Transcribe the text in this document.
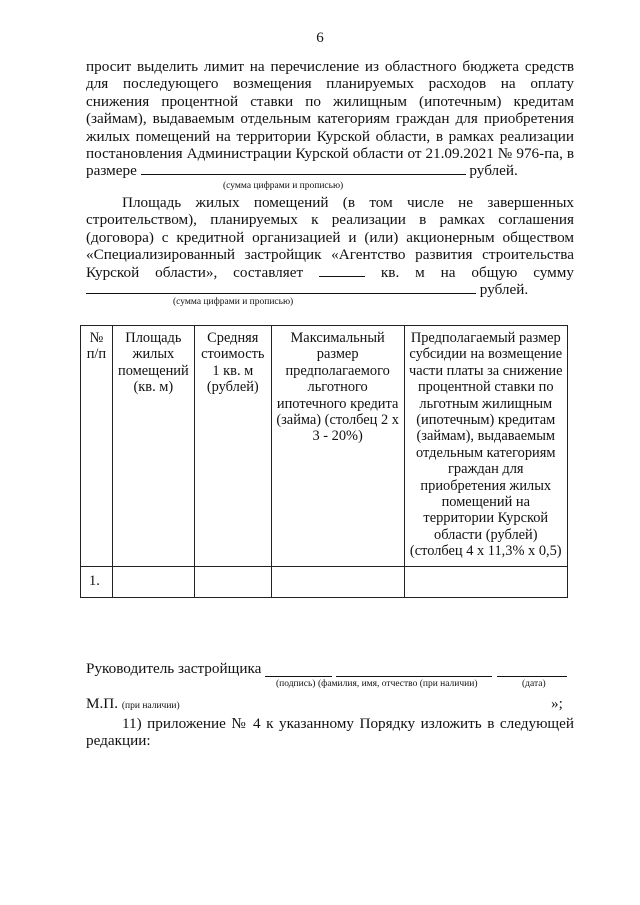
6
просит выделить лимит на перечисление из областного бюджета средств
для последующего возмещения планируемых расходов на оплату
снижения процентной ставки по жилищным (ипотечным) кредитам
(займам), выдаваемым отдельным категориям граждан для приобретения
жилых помещений на территории Курской области, в рамках реализации
постановления Администрации Курской области от 21.09.2021 № 976-па, в
размере	рублей.
(сумма цифрами и прописью)
Площадь жилых помещений (в том числе не завершенных
строительством), планируемых к реализации в рамках соглашения
(договора) с кредитной организацией и (или) акционерным обществом
«Специализированный застройщик «Агентство развития строительства
Курской области», составляет	кв. м на общую сумму
рублей.
(сумма цифрами и прописью)
№ п/п	Площадь жилых помещений (кв. м)	Средняя стоимость 1 кв. м (рублей)	Максимальный размер предполагаемого льготного ипотечного кредита (займа) (столбец 2 х 3 - 20%)	Предполагаемый размер субсидии на возмещение части платы за снижение процентной ставки по льготным жилищным (ипотечным) кредитам (займам), выдаваемым отдельным категориям граждан для приобретения жилых помещений на территории Курской области (рублей) (столбец 4 х 11,3% х 0,5)
1.				
Руководитель застройщика
(подпись) (фамилия, имя, отчество (при наличии)	(дата)
М.П. (при наличии)	»;
11) приложение № 4 к указанному Порядку изложить в следующей
редакции:
